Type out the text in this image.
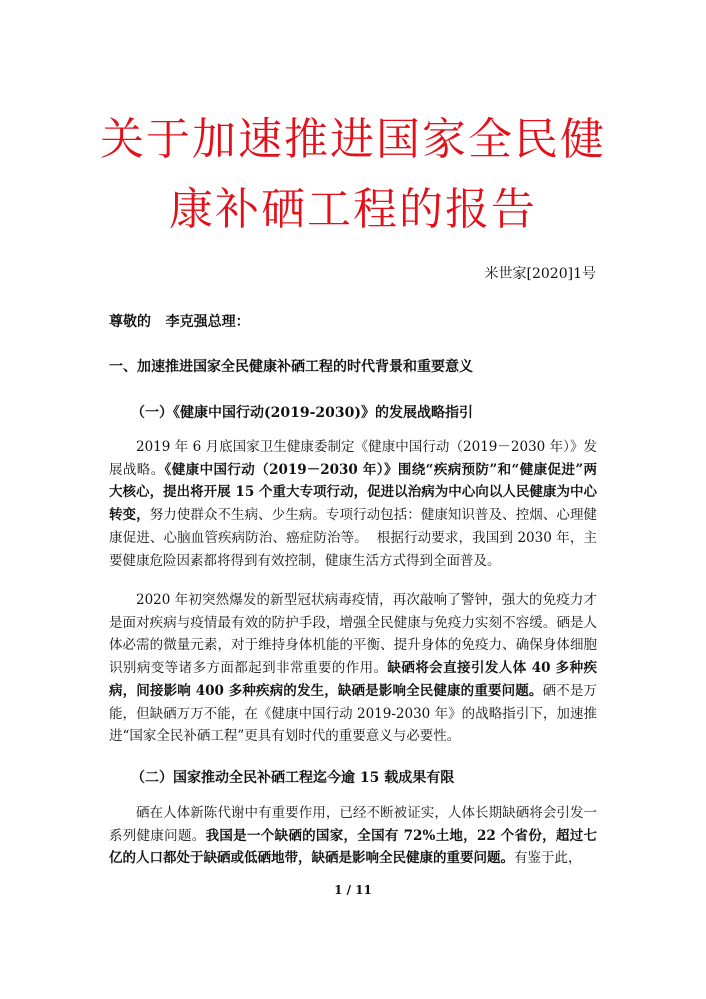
关于加速推进国家全民健
康补硒工程的报告
米世家[2020]1号
尊敬的   李克强总理：
一、加速推进国家全民健康补硒工程的时代背景和重要意义
（一）《健康中国行动(2019-2030)》的发展战略指引

2019 年 6 月底国家卫生健康委制定《健康中国行动（2019－2030 年）》发展战略。《健康中国行动（2019－2030 年）》围绕“疾病预防”和“健康促进”两大核心，提出将开展 15 个重大专项行动，促进以治病为中心向以人民健康为中心转变，努力使群众不生病、少生病。专项行动包括：健康知识普及、控烟、心理健康促进、心脑血管疾病防治、癌症防治等。  根据行动要求，我国到 2030 年，主要健康危险因素都将得到有效控制，健康生活方式得到全面普及。

2020 年初突然爆发的新型冠状病毒疫情，再次敲响了警钟，强大的免疫力才是面对疾病与疫情最有效的防护手段，增强全民健康与免疫力实刻不容缓。硒是人体必需的微量元素，对于维持身体机能的平衡、提升身体的免疫力、确保身体细胞识别病变等诸多方面都起到非常重要的作用。缺硒将会直接引发人体 40 多种疾病，间接影响 400 多种疾病的发生，缺硒是影响全民健康的重要问题。硒不是万能，但缺硒万万不能，在《健康中国行动 2019-2030 年》的战略指引下，加速推进“国家全民补硒工程”更具有划时代的重要意义与必要性。

（二）国家推动全民补硒工程迄今逾 15 载成果有限

硒在人体新陈代谢中有重要作用，已经不断被证实，人体长期缺硒将会引发一系列健康问题。我国是一个缺硒的国家，全国有 72%土地，22 个省份，超过七亿的人口都处于缺硒或低硒地带，缺硒是影响全民健康的重要问题。有鉴于此，

1 / 11
